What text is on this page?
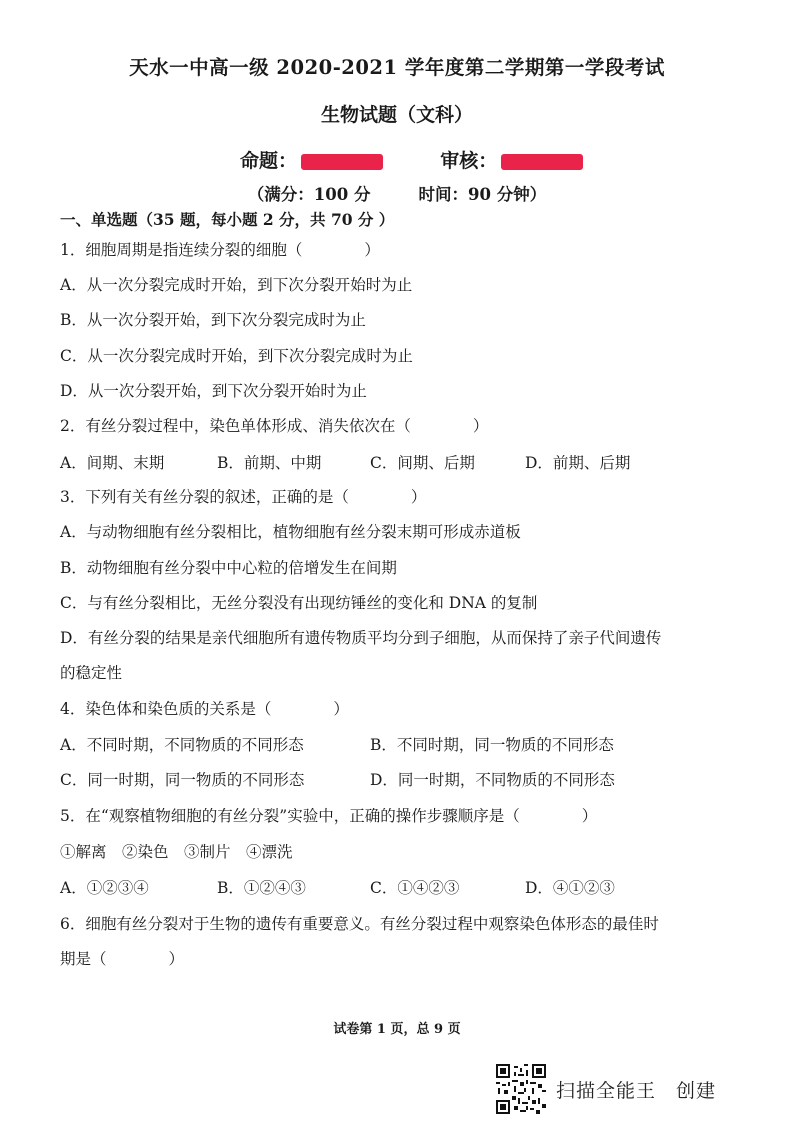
天水一中高一级 2020-2021 学年度第二学期第一学段考试
生物试题（文科）
命题：	审核：
（满分：100 分	时间：90 分钟）
一、单选题（35 题，每小题 2 分，共 70 分 ）
1．细胞周期是指连续分裂的细胞（　　　　）
A．从一次分裂完成时开始，到下次分裂开始时为止
B．从一次分裂开始，到下次分裂完成时为止
C．从一次分裂完成时开始，到下次分裂完成时为止
D．从一次分裂开始，到下次分裂开始时为止
2．有丝分裂过程中，染色单体形成、消失依次在（　　　　）
A．间期、末期	B．前期、中期	C．间期、后期	D．前期、后期
3．下列有关有丝分裂的叙述，正确的是（　　　　）
A．与动物细胞有丝分裂相比，植物细胞有丝分裂末期可形成赤道板
B．动物细胞有丝分裂中中心粒的倍增发生在间期
C．与有丝分裂相比，无丝分裂没有出现纺锤丝的变化和 DNA 的复制
D．有丝分裂的结果是亲代细胞所有遗传物质平均分到子细胞，从而保持了亲子代间遗传
的稳定性
4．染色体和染色质的关系是（　　　　）
A．不同时期，不同物质的不同形态	B．不同时期，同一物质的不同形态
C．同一时期，同一物质的不同形态	D．同一时期，不同物质的不同形态
5．在“观察植物细胞的有丝分裂”实验中，正确的操作步骤顺序是（　　　　）
①解离　②染色　③制片　④漂洗
A．①②③④	B．①②④③	C．①④②③	D．④①②③
6．细胞有丝分裂对于生物的遗传有重要意义。有丝分裂过程中观察染色体形态的最佳时
期是（　　　　）
试卷第 1 页，总 9 页
扫描全能王　创建
